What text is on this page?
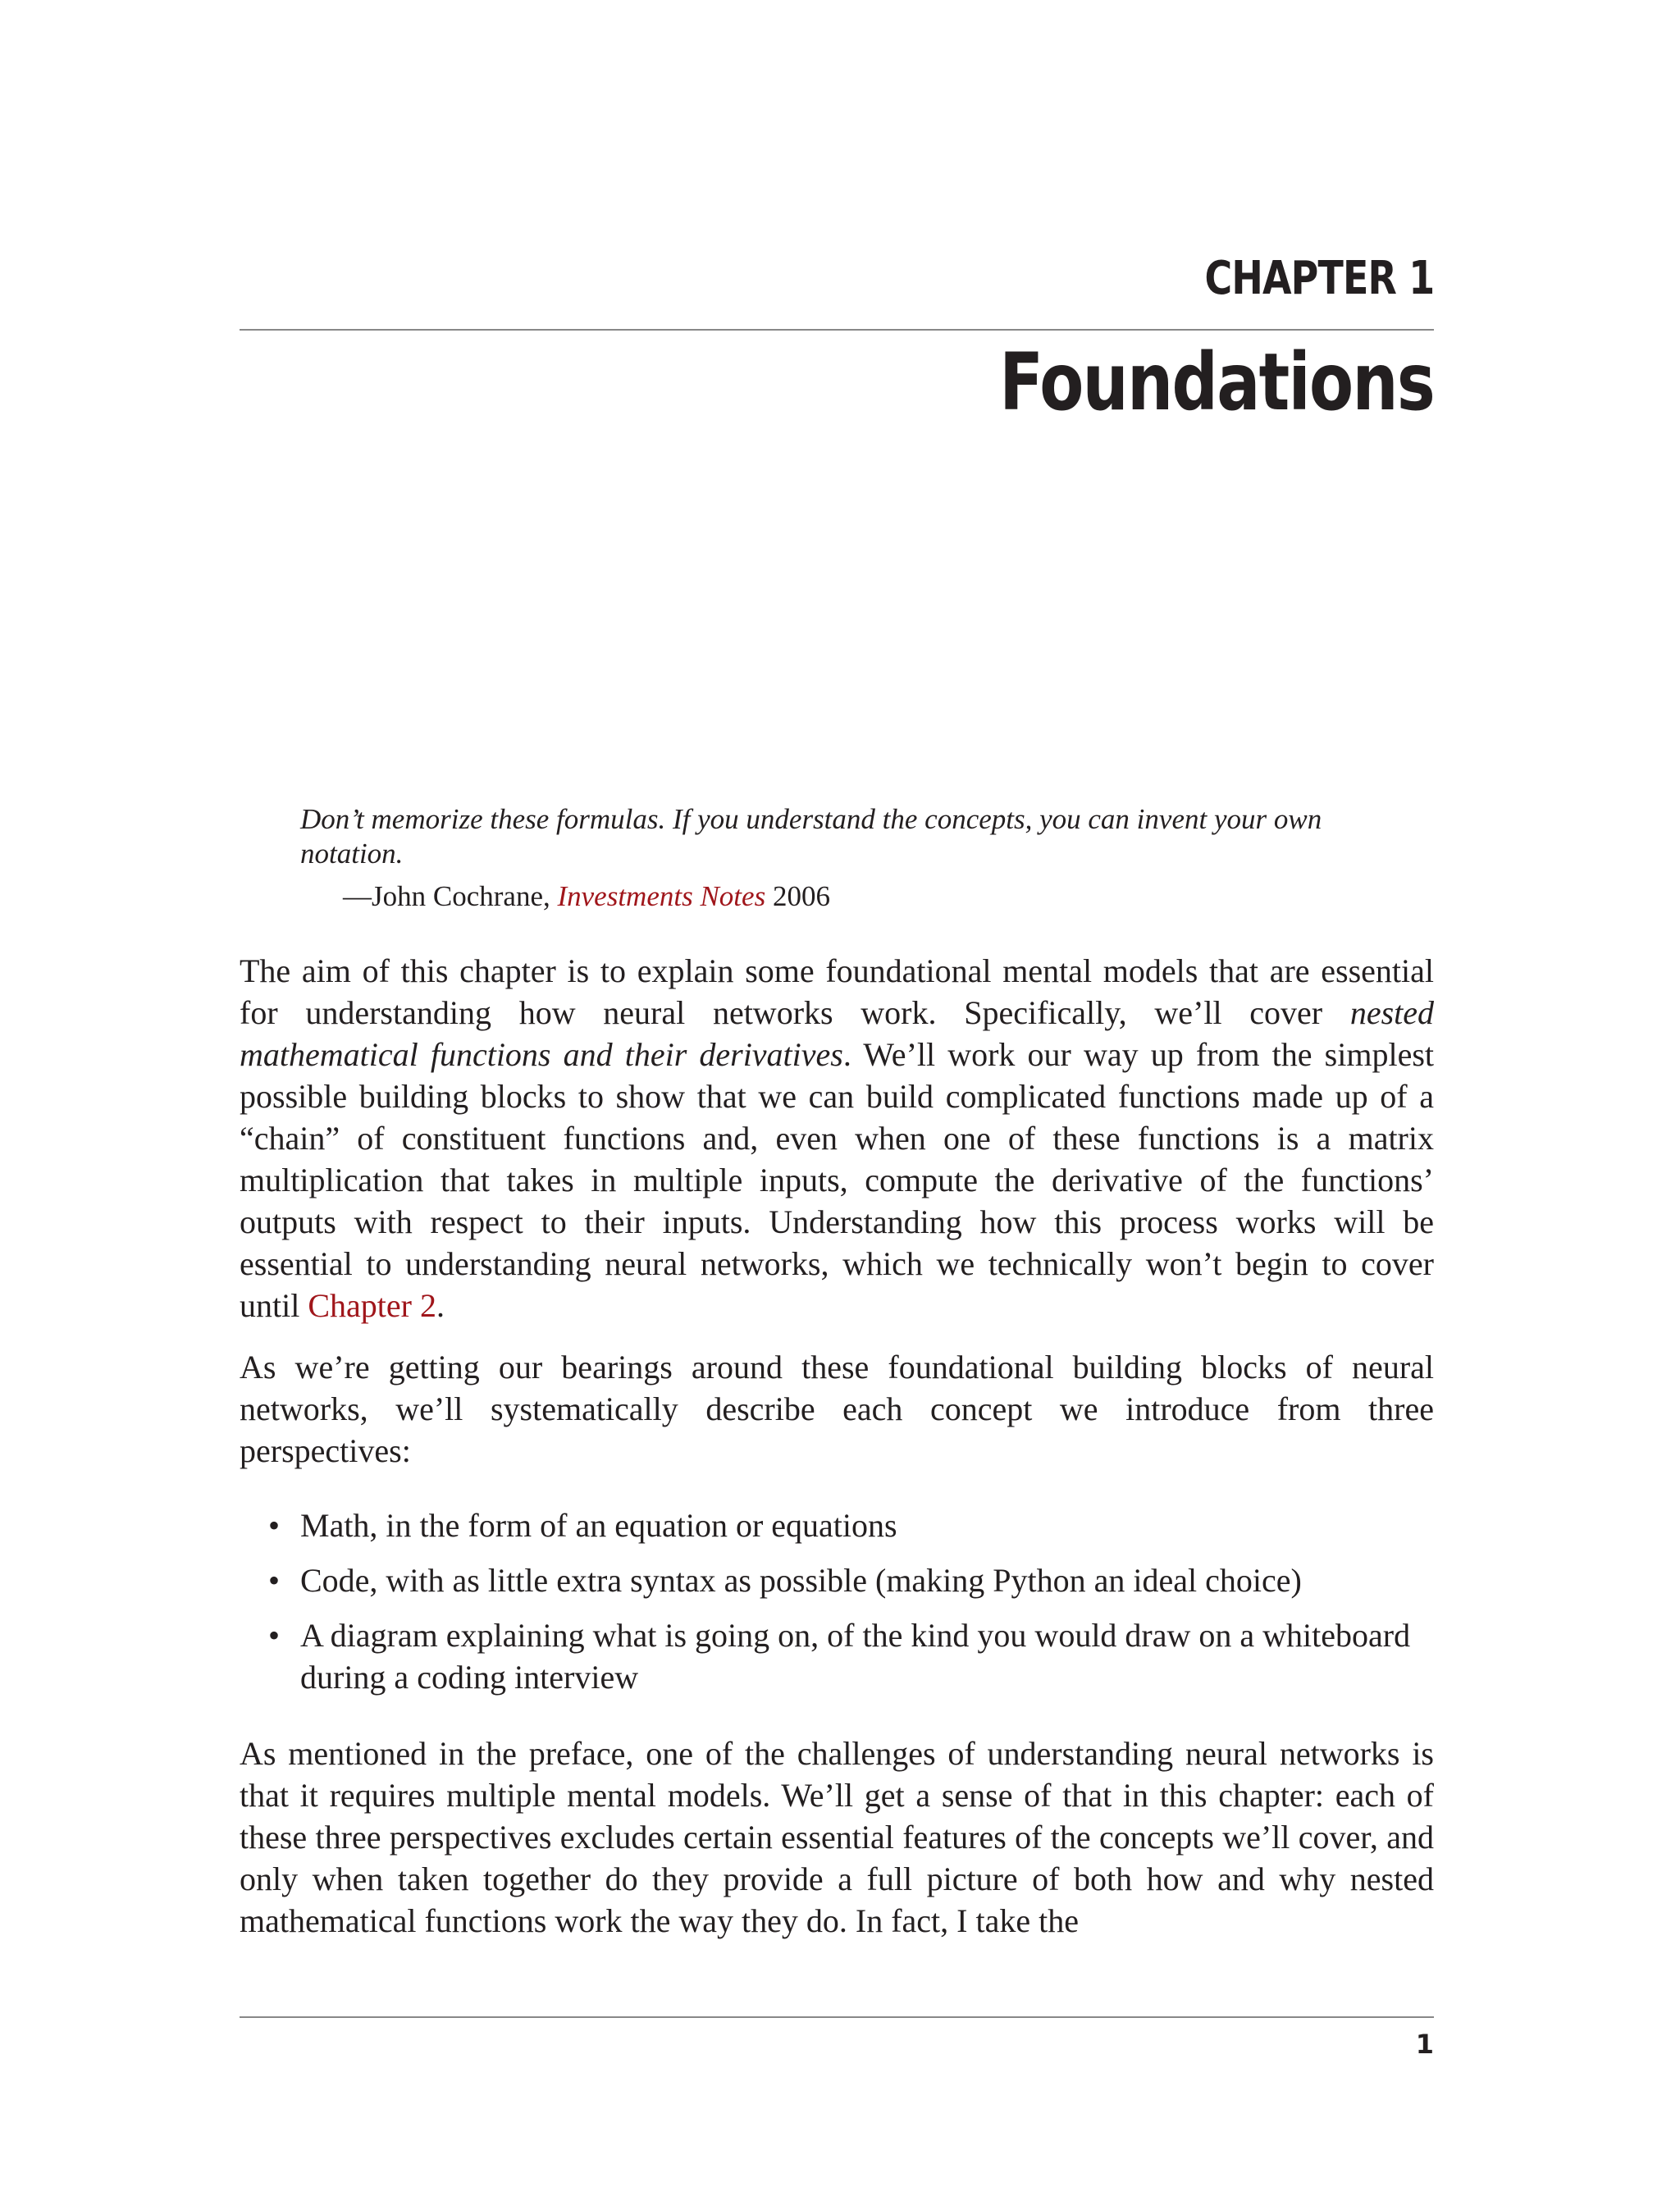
CHAPTER 1
Foundations
Don’t memorize these formulas. If you understand the concepts, you can invent your own notation.
—John Cochrane, Investments Notes 2006

The aim of this chapter is to explain some foundational mental models that are essential for understanding how neural networks work. Specifically, we’ll cover nested mathematical functions and their derivatives. We’ll work our way up from the simplest possible building blocks to show that we can build complicated functions made up of a “chain” of constituent functions and, even when one of these functions is a matrix multiplication that takes in multiple inputs, compute the derivative of the functions’ outputs with respect to their inputs. Understanding how this process works will be essential to understanding neural networks, which we technically won’t begin to cover until Chapter 2.

As we’re getting our bearings around these foundational building blocks of neural networks, we’ll systematically describe each concept we introduce from three perspectives:

• Math, in the form of an equation or equations
• Code, with as little extra syntax as possible (making Python an ideal choice)
• A diagram explaining what is going on, of the kind you would draw on a whiteboard during a coding interview

As mentioned in the preface, one of the challenges of understanding neural networks is that it requires multiple mental models. We’ll get a sense of that in this chapter: each of these three perspectives excludes certain essential features of the concepts we’ll cover, and only when taken together do they provide a full picture of both how and why nested mathematical functions work the way they do. In fact, I take the

1
